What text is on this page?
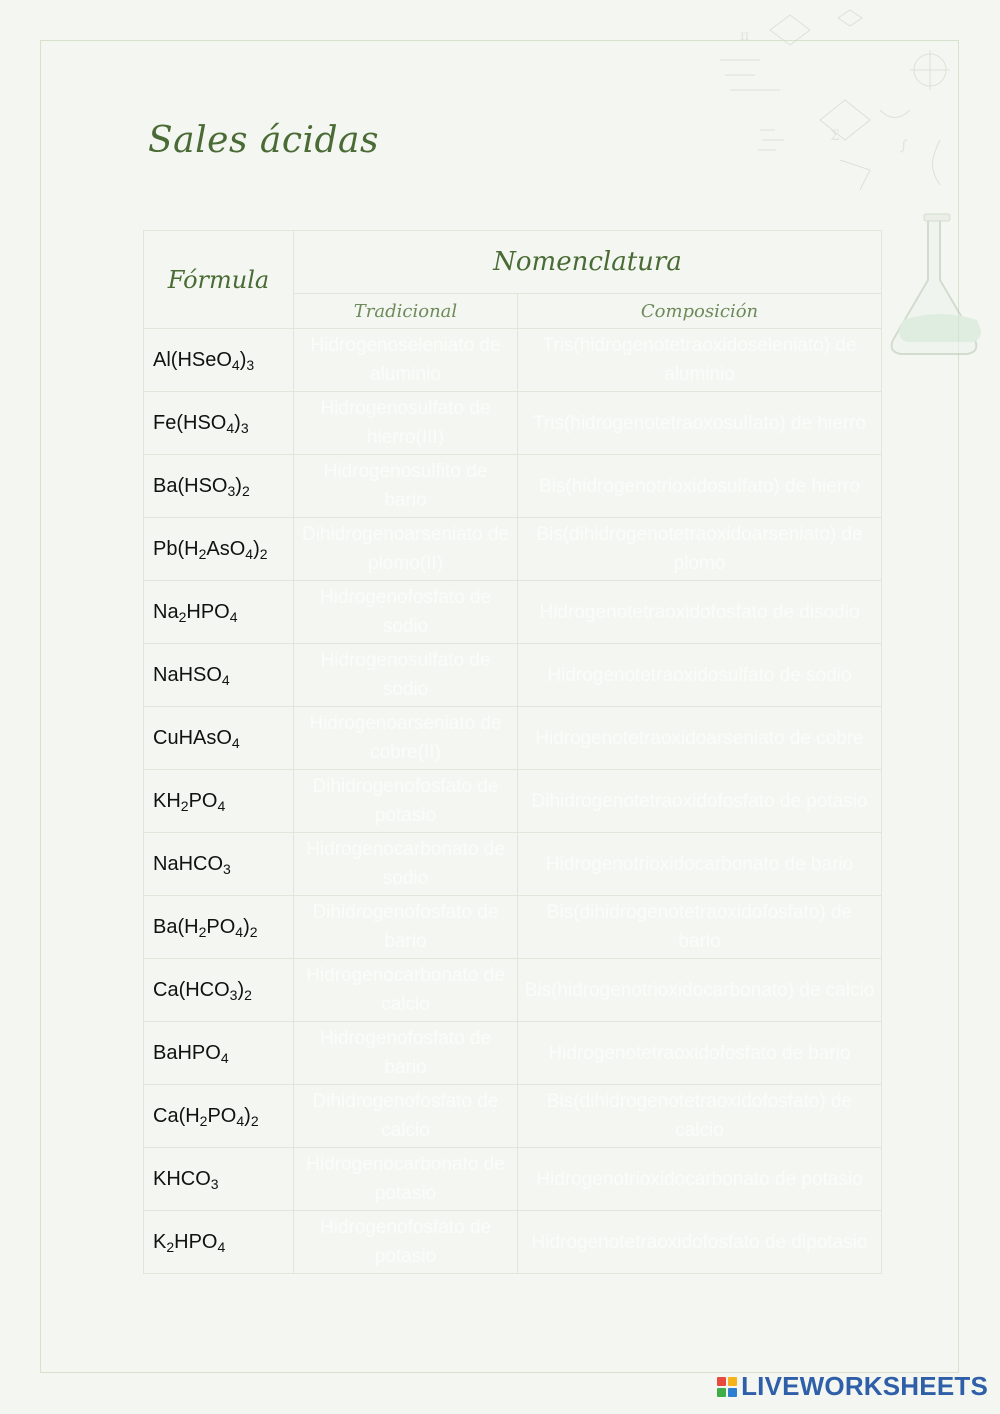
Σ
π
∫
Sales ácidas
Fórmula	Nomenclatura	
	Tradicional	Composición
$Al(HSeO_4)_3$	Hidrogenoseleniato de aluminio	Tris(hidrogenotetraoxidoseleniato) de aluminio
$Fe(HSO_4)_3$	Hidrogenosulfato de hierro(III)	Tris(hidrogenotetraoxosulfato) de hierro
$Ba(HSO_3)_2$	Hidrogenosulfito de bario	Bis(hidrogenotrioxidosulfato) de hierro
$Pb(H_2AsO_4)_2$	Dihidrogenoarseniato de plomo(II)	Bis(dihidrogenotetraoxidoarseniato) de plomo
$Na_2HPO_4$	Hidrogenofosfato de sodio	Hidrogenotetraoxidofosfato de disodio
NaHSO$_4$	Hidrogenosulfato de sodio	Hidrogenotetraoxidosulfato de sodio
CuHAsO$_4$	Hidrogenoarseniato de cobre(II)	Hidrogenotetraoxidoarseniato de cobre
$KH_2PO_4$	Dihidrogenofosfato de potasio	Dihidrogenotetraoxidofosfato de potasio
NaHCO$_3$	Hidrogenocarbonato de sodio	Hidrogenotrioxidocarbonato de bario
$Ba(H_2PO_4)_2$	Dihidrogenofosfato de bario	Bis(dihidrogenotetraoxidofosfato) de bario
$Ca(HCO_3)_2$	Hidrogenocarbonato de calcio	Bis(hidrogenotrioxidocarbonato) de calcio
BaHPO$_4$	Hidrogenofosfato de bario	Hidrogenotetraoxidofosfato de bario
$Ca(H_2PO_4)_2$	Dihidrogenofosfato de calcio	Bis(dihidrogenotetraoxidofosfato) de calcio
$KHCO_3$	Hidrogenocarbonato de potasio	Hidrogenotrioxidocarbonato de potasio
$K_2HPO_4$	Hidrogenofosfato de potasio	Hidrogenotetraoxidofosfato de dipotasio
LIVEWORKSHEETS
